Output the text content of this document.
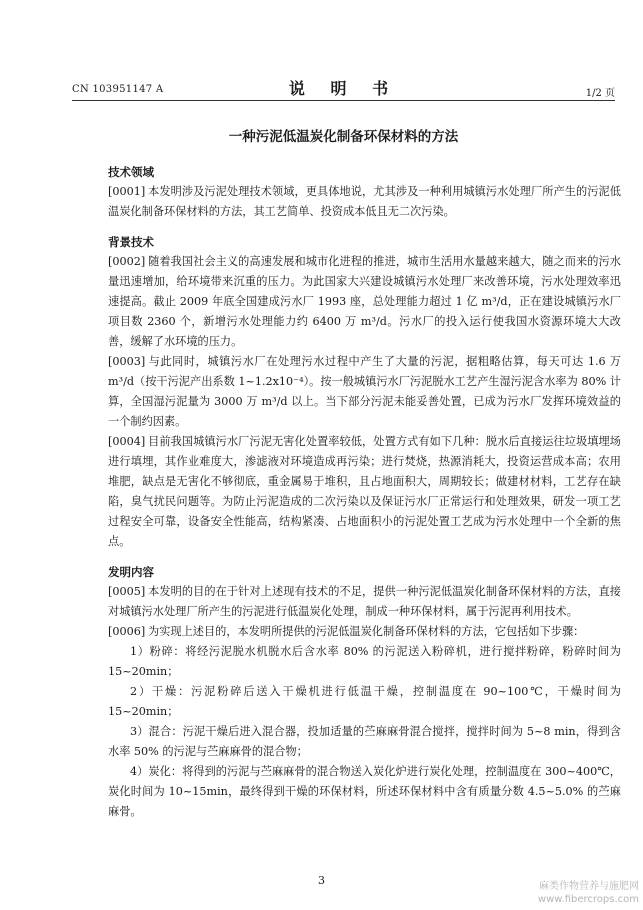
CN 103951147 A	说 明 书	1/2 页
一种污泥低温炭化制备环保材料的方法
技术领域
[0001] 本发明涉及污泥处理技术领域，更具体地说，尤其涉及一种利用城镇污水处理厂所产生的污泥低温炭化制备环保材料的方法，其工艺简单、投资成本低且无二次污染。
背景技术
[0002] 随着我国社会主义的高速发展和城市化进程的推进，城市生活用水量越来越大，随之而来的污水量迅速增加，给环境带来沉重的压力。为此国家大兴建设城镇污水处理厂来改善环境，污水处理效率迅速提高。截止 2009 年底全国建成污水厂 1993 座，总处理能力超过 1 亿 m³/d，正在建设城镇污水厂项目数 2360 个，新增污水处理能力约 6400 万 m³/d。污水厂的投入运行使我国水资源环境大大改善，缓解了水环境的压力。
[0003] 与此同时，城镇污水厂在处理污水过程中产生了大量的污泥，据粗略估算，每天可达 1.6 万 m³/d（按干污泥产出系数 1~1.2x10⁻⁴）。按一般城镇污水厂污泥脱水工艺产生湿污泥含水率为 80% 计算，全国湿污泥量为 3000 万 m³/d 以上。当下部分污泥未能妥善处置，已成为污水厂发挥环境效益的一个制约因素。
[0004] 目前我国城镇污水厂污泥无害化处置率较低，处置方式有如下几种：脱水后直接运往垃圾填埋场进行填埋，其作业难度大，渗滤液对环境造成再污染；进行焚烧，热源消耗大，投资运营成本高；农用堆肥，缺点是无害化不够彻底，重金属易于堆积，且占地面积大，周期较长；做建材材料，工艺存在缺陷，臭气扰民问题等。为防止污泥造成的二次污染以及保证污水厂正常运行和处理效果，研发一项工艺过程安全可靠，设备安全性能高，结构紧凑、占地面积小的污泥处置工艺成为污水处理中一个全新的焦点。
发明内容
[0005] 本发明的目的在于针对上述现有技术的不足，提供一种污泥低温炭化制备环保材料的方法，直接对城镇污水处理厂所产生的污泥进行低温炭化处理，制成一种环保材料，属于污泥再利用技术。
[0006] 为实现上述目的，本发明所提供的污泥低温炭化制备环保材料的方法，它包括如下步骤：
1）粉碎：将经污泥脱水机脱水后含水率 80% 的污泥送入粉碎机，进行搅拌粉碎，粉碎时间为 15~20min；
2）干燥：污泥粉碎后送入干燥机进行低温干燥，控制温度在 90~100℃，干燥时间为 15~20min；
3）混合：污泥干燥后进入混合器，投加适量的苎麻麻骨混合搅拌，搅拌时间为 5~8 min，得到含水率 50% 的污泥与苎麻麻骨的混合物；
4）炭化：将得到的污泥与苎麻麻骨的混合物送入炭化炉进行炭化处理，控制温度在 300~400℃，炭化时间为 10~15min，最终得到干燥的环保材料，所述环保材料中含有质量分数 4.5~5.0% 的苎麻麻骨。
3	麻类作物营养与施肥网
www.fibercrops.com
